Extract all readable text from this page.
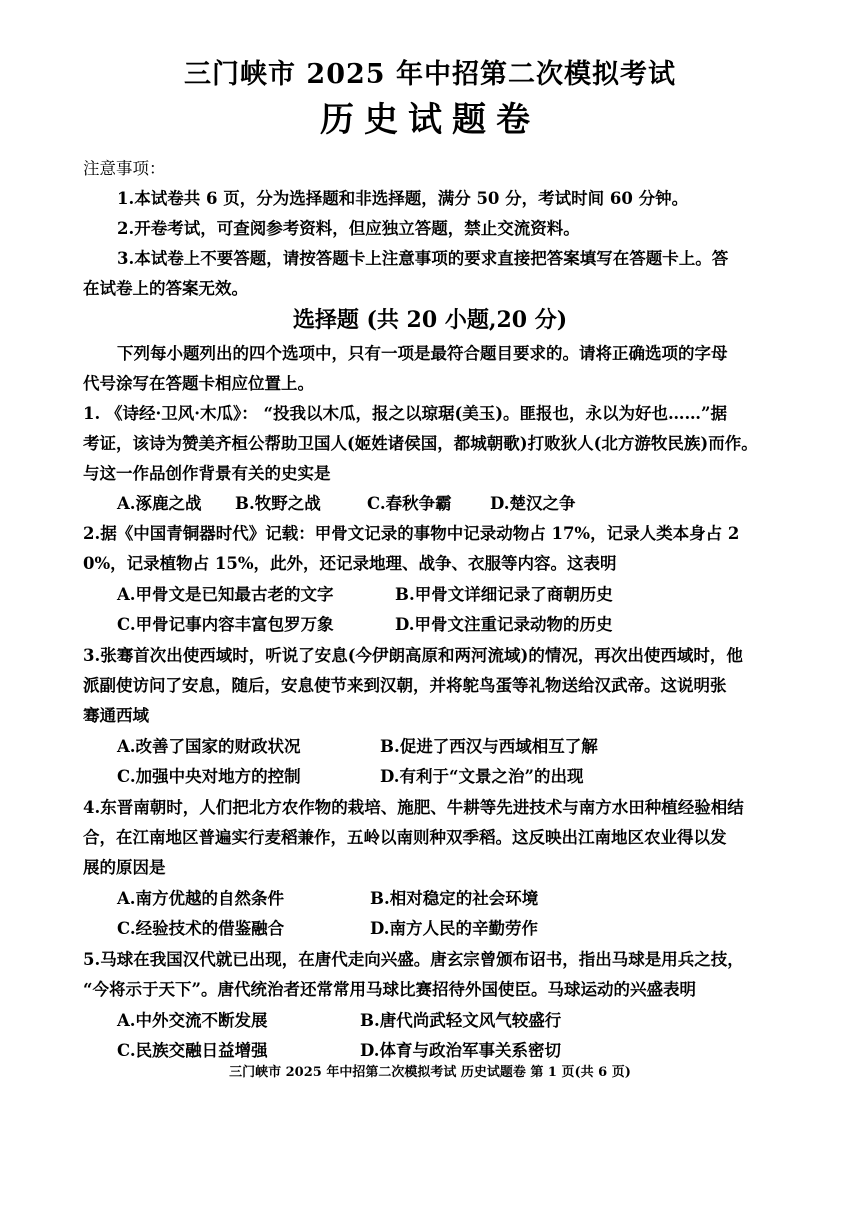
三门峡市 2025 年中招第二次模拟考试
历史试题卷
注意事项：
1.本试卷共 6 页，分为选择题和非选择题，满分 50 分，考试时间 60 分钟。
2.开卷考试，可查阅参考资料，但应独立答题，禁止交流资料。
3.本试卷上不要答题，请按答题卡上注意事项的要求直接把答案填写在答题卡上。答
在试卷上的答案无效。
选择题 (共 20 小题,20 分)
下列每小题列出的四个选项中，只有一项是最符合题目要求的。请将正确选项的字母
代号涂写在答题卡相应位置上。
1. 《诗经·卫风·木瓜》： “投我以木瓜，报之以琼琚(美玉)。匪报也，永以为好也……”据
考证，该诗为赞美齐桓公帮助卫国人(姬姓诸侯国，都城朝歌)打败狄人(北方游牧民族)而作。
与这一作品创作背景有关的史实是
A.涿鹿之战 B.牧野之战	C.春秋争霸 D.楚汉之争
2.据《中国青铜器时代》记载：甲骨文记录的事物中记录动物占 17%，记录人类本身占 2
0%，记录植物占 15%，此外，还记录地理、战争、衣服等内容。这表明
A.甲骨文是已知最古老的文字	B.甲骨文详细记录了商朝历史
C.甲骨记事内容丰富包罗万象	D.甲骨文注重记录动物的历史
3.张骞首次出使西域时，听说了安息(今伊朗高原和两河流域)的情况，再次出使西域时，他
派副使访问了安息，随后，安息使节来到汉朝，并将鸵鸟蛋等礼物送给汉武帝。这说明张
骞通西域
A.改善了国家的财政状况	B.促进了西汉与西域相互了解
C.加强中央对地方的控制	D.有利于“文景之治”的出现
4.东晋南朝时，人们把北方农作物的栽培、施肥、牛耕等先进技术与南方水田种植经验相结
合，在江南地区普遍实行麦稻兼作，五岭以南则种双季稻。这反映出江南地区农业得以发
展的原因是
A.南方优越的自然条件	B.相对稳定的社会环境
C.经验技术的借鉴融合	D.南方人民的辛勤劳作
5.马球在我国汉代就已出现，在唐代走向兴盛。唐玄宗曾颁布诏书，指出马球是用兵之技，
“今将示于天下”。唐代统治者还常常用马球比赛招待外国使臣。马球运动的兴盛表明
A.中外交流不断发展	B.唐代尚武轻文风气较盛行
C.民族交融日益增强	D.体育与政治军事关系密切
三门峡市 2025 年中招第二次模拟考试 历史试题卷 第 1 页(共 6 页)
